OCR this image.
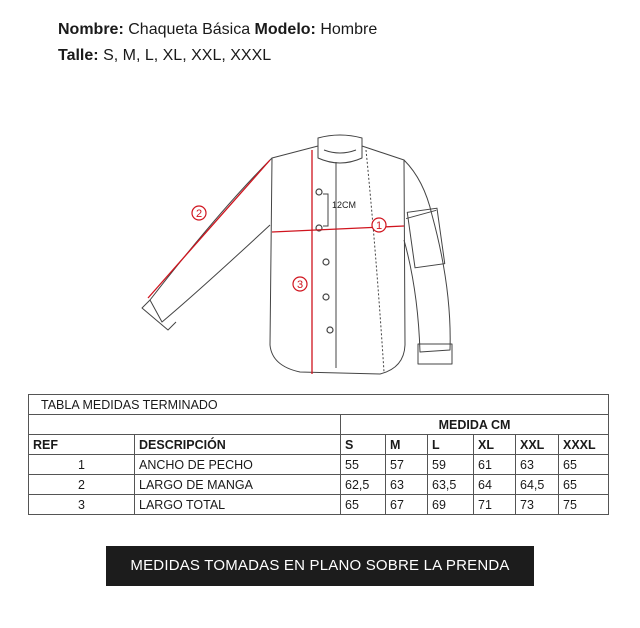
Nombre: Chaqueta Básica Modelo: Hombre
Talle: S, M, L, XL, XXL, XXXL
12CM
1
2
3
TABLA MEDIDAS TERMINADO							
		MEDIDA CM					
REF	DESCRIPCIÓN	S	M	L	XL	XXL	XXXL
1	ANCHO DE PECHO	55	57	59	61	63	65
2	LARGO DE MANGA	62,5	63	63,5	64	64,5	65
3	LARGO TOTAL	65	67	69	71	73	75
MEDIDAS TOMADAS EN PLANO SOBRE LA PRENDA
